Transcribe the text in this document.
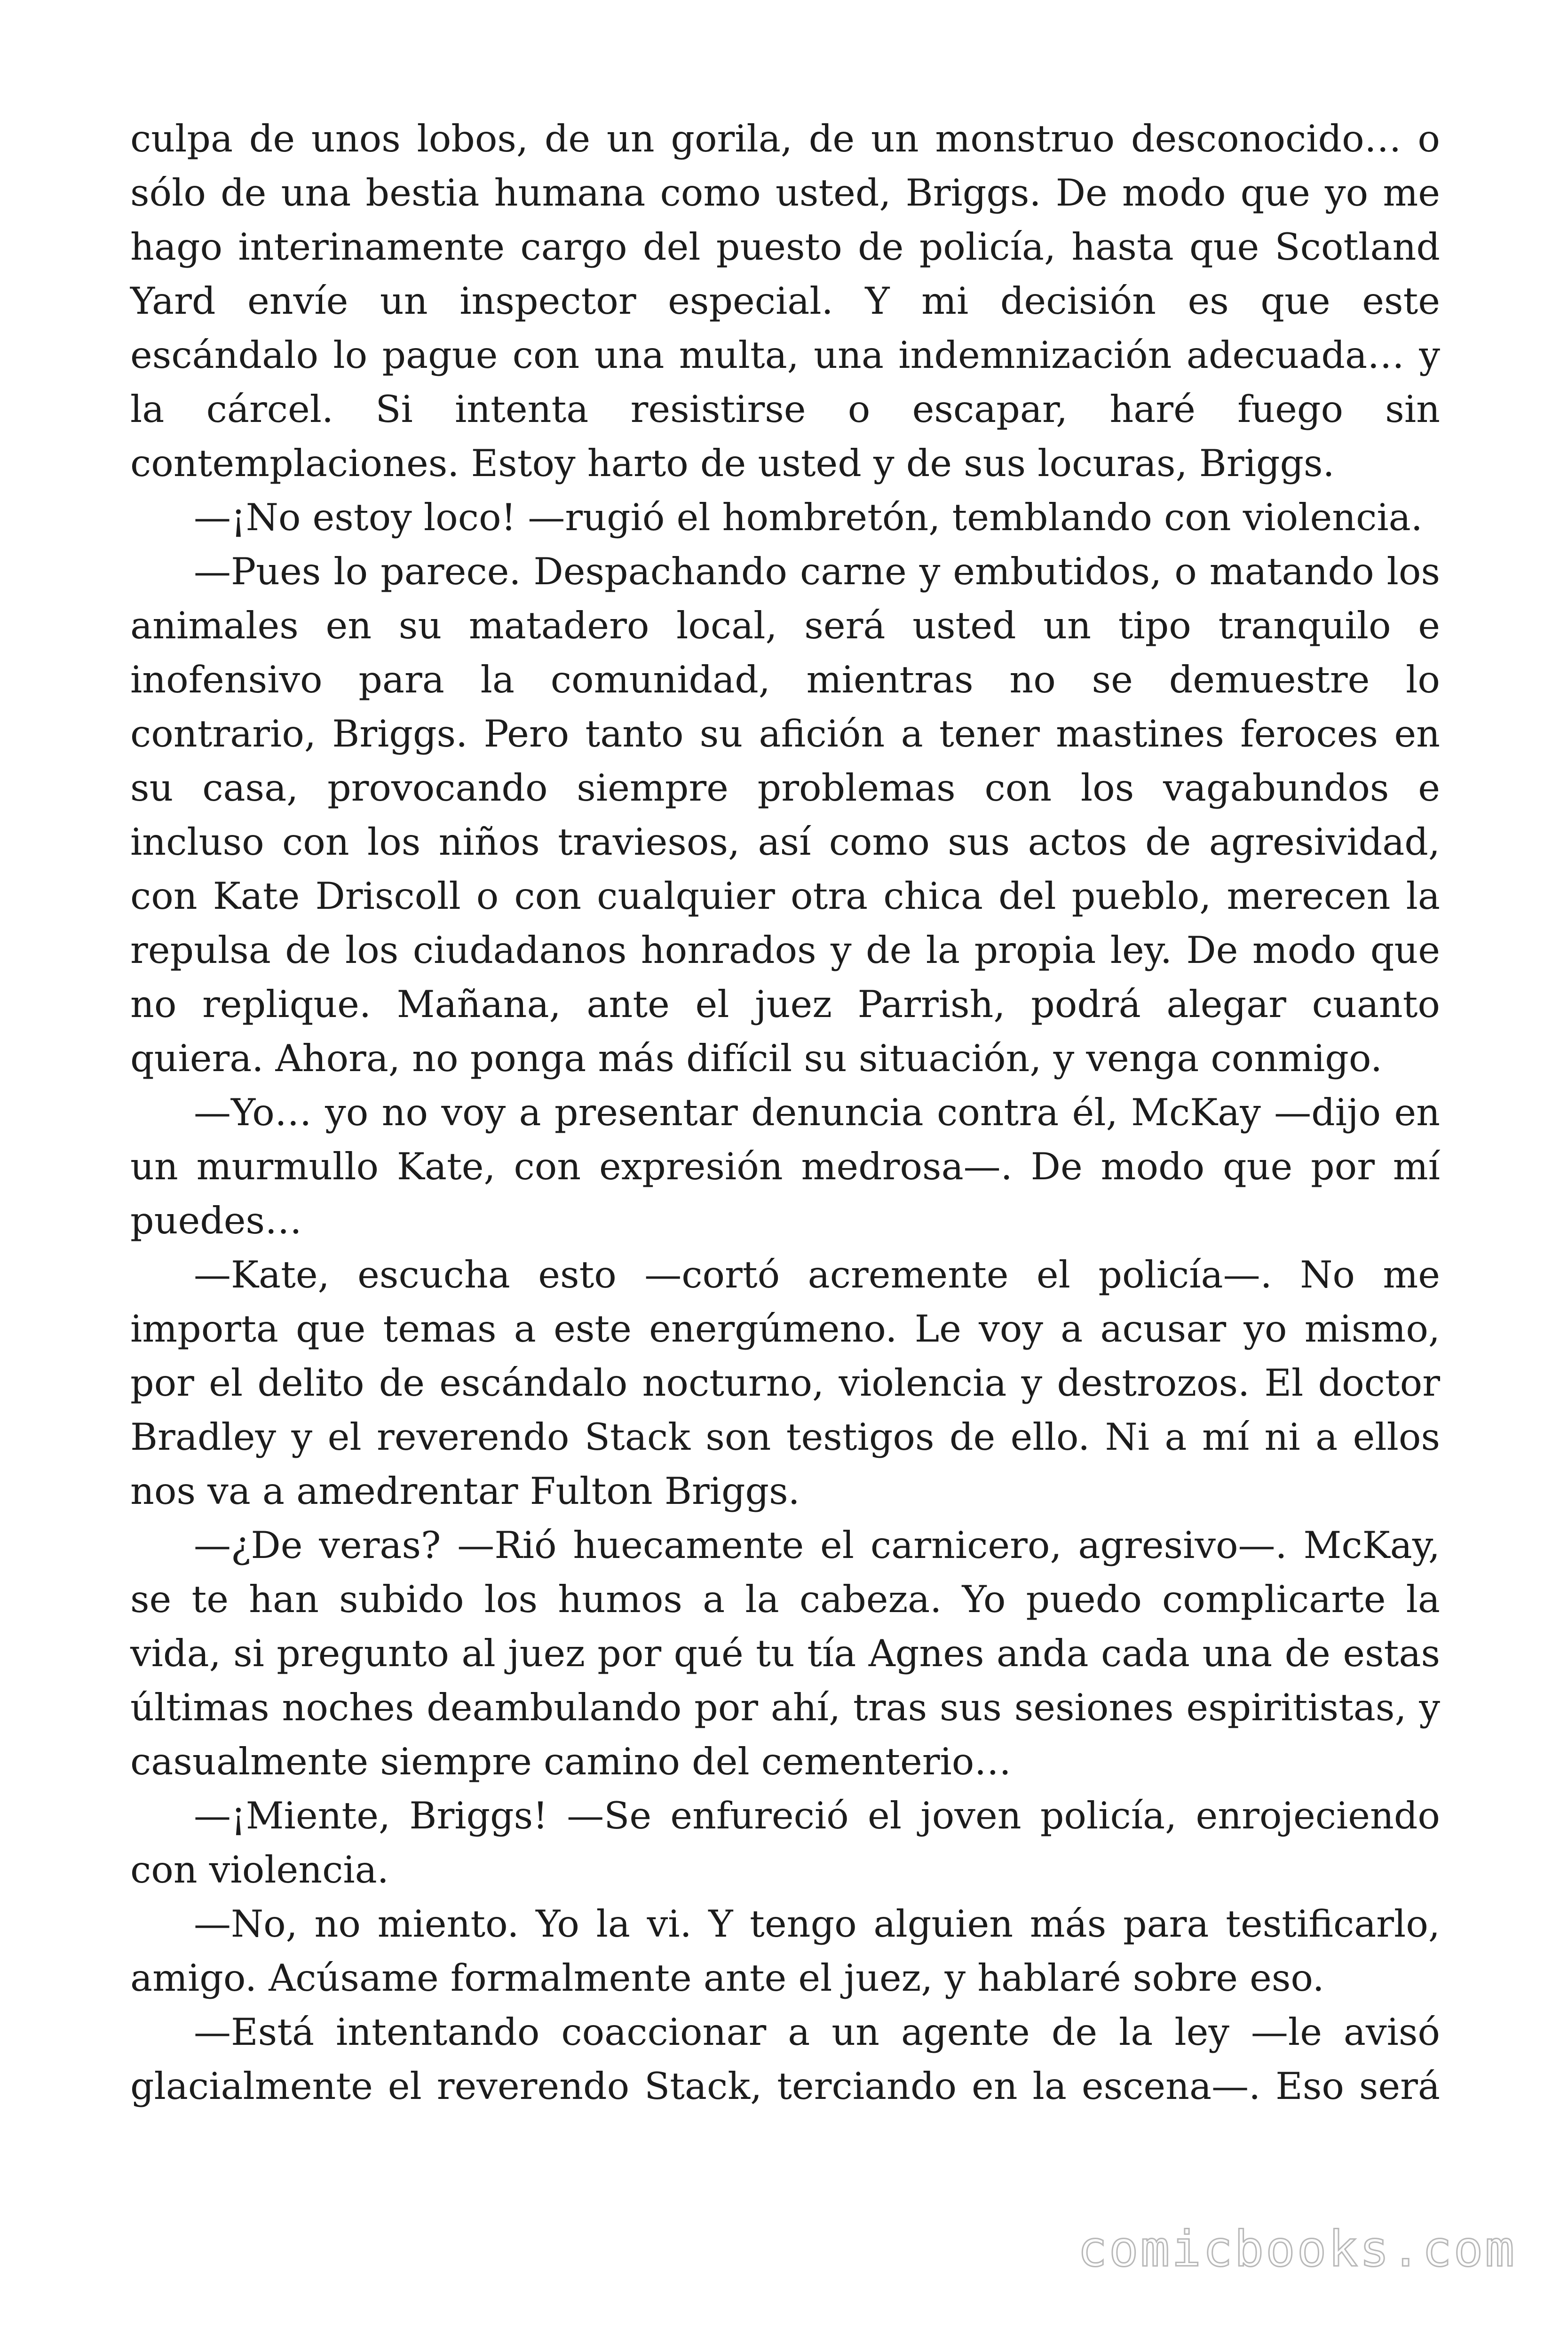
culpa de unos lobos, de un gorila, de un monstruo desconocido… o sólo de una bestia humana como usted, Briggs. De modo que yo me hago interinamente cargo del puesto de policía, hasta que Scotland Yard envíe un inspector especial. Y mi decisión es que este escándalo lo pague con una multa, una indemnización adecuada… y la cárcel. Si intenta resistirse o escapar, haré fuego sin contemplaciones. Estoy harto de usted y de sus locuras, Briggs.

—¡No estoy loco! —rugió el hombretón, temblando con violencia.

—Pues lo parece. Despachando carne y embutidos, o matando los animales en su matadero local, será usted un tipo tranquilo e inofensivo para la comunidad, mientras no se demuestre lo contrario, Briggs. Pero tanto su afición a tener mastines feroces en su casa, provocando siempre problemas con los vagabundos e incluso con los niños traviesos, así como sus actos de agresividad, con Kate Driscoll o con cualquier otra chica del pueblo, merecen la repulsa de los ciudadanos honrados y de la propia ley. De modo que no replique. Mañana, ante el juez Parrish, podrá alegar cuanto quiera. Ahora, no ponga más difícil su situación, y venga conmigo.

—Yo… yo no voy a presentar denuncia contra él, McKay —dijo en un murmullo Kate, con expresión medrosa—. De modo que por mí puedes…

—Kate, escucha esto —cortó acremente el policía—. No me importa que temas a este energúmeno. Le voy a acusar yo mismo, por el delito de escándalo nocturno, violencia y destrozos. El doctor Bradley y el reverendo Stack son testigos de ello. Ni a mí ni a ellos nos va a amedrentar Fulton Briggs.

—¿De veras? —Rió huecamente el carnicero, agresivo—. McKay, se te han subido los humos a la cabeza. Yo puedo complicarte la vida, si pregunto al juez por qué tu tía Agnes anda cada una de estas últimas noches deambulando por ahí, tras sus sesiones espiritistas, y casualmente siempre camino del cementerio…

—¡Miente, Briggs! —Se enfureció el joven policía, enrojeciendo con violencia.

—No, no miento. Yo la vi. Y tengo alguien más para testificarlo, amigo. Acúsame formalmente ante el juez, y hablaré sobre eso.

—Está intentando coaccionar a un agente de la ley —le avisó glacialmente el reverendo Stack, terciando en la escena—. Eso será

comicbooks.com
